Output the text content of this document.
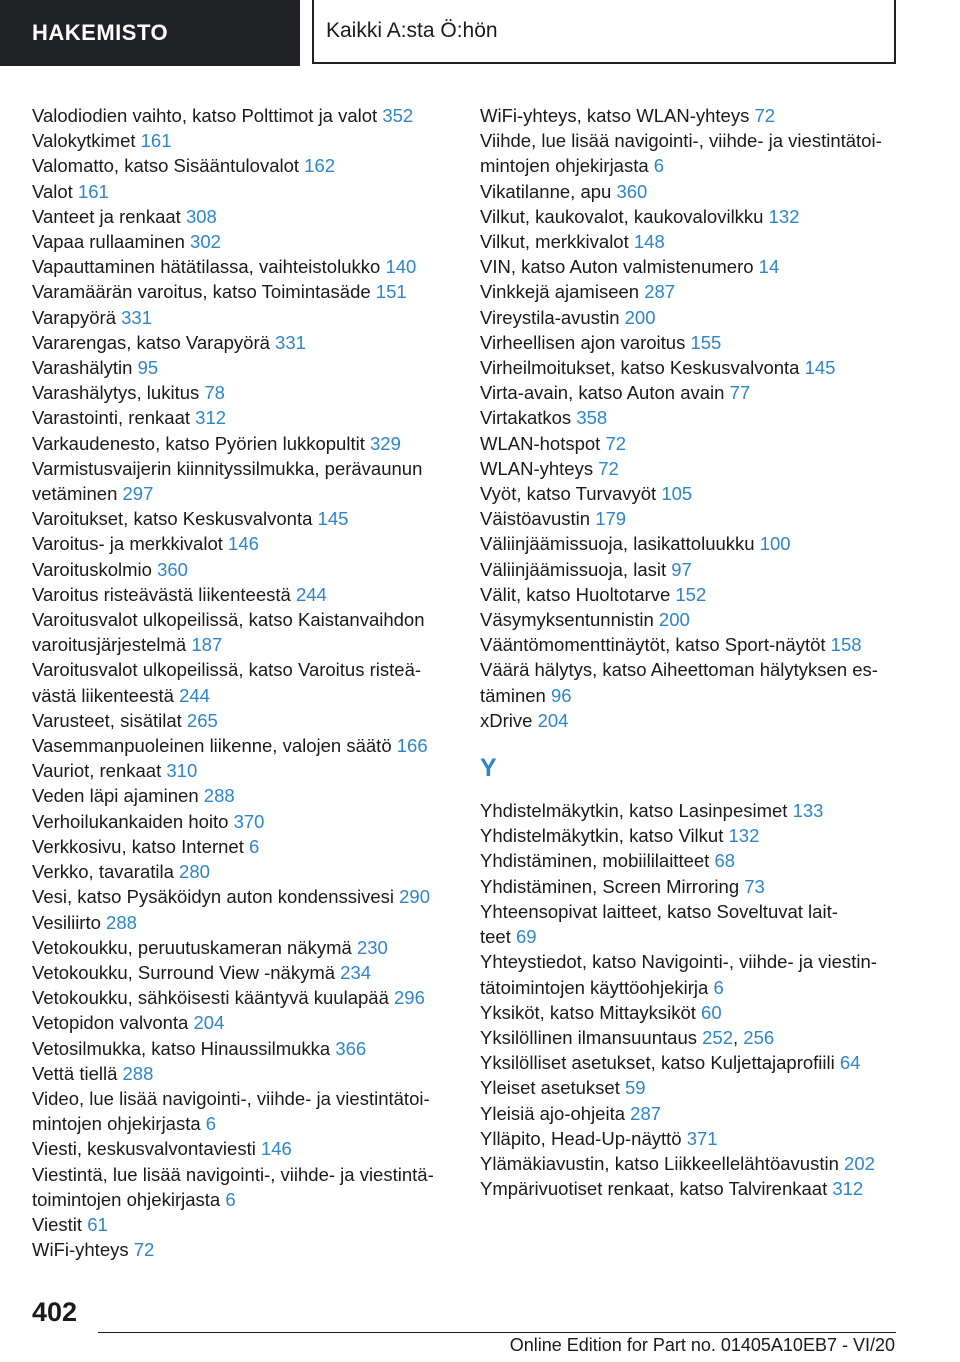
HAKEMISTO	Kaikki A:sta Ö:hön
Valodiodien vaihto, katso Polttimot ja valot 352
Valokytkimet 161
Valomatto, katso Sisääntulovalot 162
Valot 161
Vanteet ja renkaat 308
Vapaa rullaaminen 302
Vapauttaminen hätätilassa, vaihteistolukko 140
Varamäärän varoitus, katso Toimintasäde 151
Varapyörä 331
Vararengas, katso Varapyörä 331
Varashälytin 95
Varashälytys, lukitus 78
Varastointi, renkaat 312
Varkaudenesto, katso Pyörien lukkopultit 329
Varmistusvaijerin kiinnityssilmukka, perävaunun
vetäminen 297
Varoitukset, katso Keskusvalvonta 145
Varoitus- ja merkkivalot 146
Varoituskolmio 360
Varoitus risteävästä liikenteestä 244
Varoitusvalot ulkopeilissä, katso Kaistanvaihdon
varoitusjärjestelmä 187
Varoitusvalot ulkopeilissä, katso Varoitus risteä-
västä liikenteestä 244
Varusteet, sisätilat 265
Vasemmanpuoleinen liikenne, valojen säätö 166
Vauriot, renkaat 310
Veden läpi ajaminen 288
Verhoilukankaiden hoito 370
Verkkosivu, katso Internet 6
Verkko, tavaratila 280
Vesi, katso Pysäköidyn auton kondenssivesi 290
Vesiliirto 288
Vetokoukku, peruutuskameran näkymä 230
Vetokoukku, Surround View -näkymä 234
Vetokoukku, sähköisesti kääntyvä kuulapää 296
Vetopidon valvonta 204
Vetosilmukka, katso Hinaussilmukka 366
Vettä tiellä 288
Video, lue lisää navigointi-, viihde- ja viestintätoi-
mintojen ohjekirjasta 6
Viesti, keskusvalvontaviesti 146
Viestintä, lue lisää navigointi-, viihde- ja viestintä-
toimintojen ohjekirjasta 6
Viestit 61
WiFi-yhteys 72
WiFi-yhteys, katso WLAN-yhteys 72
Viihde, lue lisää navigointi-, viihde- ja viestintätoi-
mintojen ohjekirjasta 6
Vikatilanne, apu 360
Vilkut, kaukovalot, kaukovalovilkku 132
Vilkut, merkkivalot 148
VIN, katso Auton valmistenumero 14
Vinkkejä ajamiseen 287
Vireystila-avustin 200
Virheellisen ajon varoitus 155
Virheilmoitukset, katso Keskusvalvonta 145
Virta-avain, katso Auton avain 77
Virtakatkos 358
WLAN-hotspot 72
WLAN-yhteys 72
Vyöt, katso Turvavyöt 105
Väistöavustin 179
Väliinjäämissuoja, lasikattoluukku 100
Väliinjäämissuoja, lasit 97
Välit, katso Huoltotarve 152
Väsymyksentunnistin 200
Vääntömomenttinäytöt, katso Sport-näytöt 158
Väärä hälytys, katso Aiheettoman hälytyksen es-
täminen 96
xDrive 204
Y
Yhdistelmäkytkin, katso Lasinpesimet 133
Yhdistelmäkytkin, katso Vilkut 132
Yhdistäminen, mobiililaitteet 68
Yhdistäminen, Screen Mirroring 73
Yhteensopivat laitteet, katso Soveltuvat lait-
teet 69
Yhteystiedot, katso Navigointi-, viihde- ja viestin-
tätoimintojen käyttöohjekirja 6
Yksiköt, katso Mittayksiköt 60
Yksilöllinen ilmansuuntaus 252, 256
Yksilölliset asetukset, katso Kuljettajaprofiili 64
Yleiset asetukset 59
Yleisiä ajo-ohjeita 287
Ylläpito, Head-Up-näyttö 371
Ylämäkiavustin, katso Liikkeellelähtöavustin 202
Ympärivuotiset renkaat, katso Talvirenkaat 312
402
Online Edition for Part no. 01405A10EB7 - VI/20
